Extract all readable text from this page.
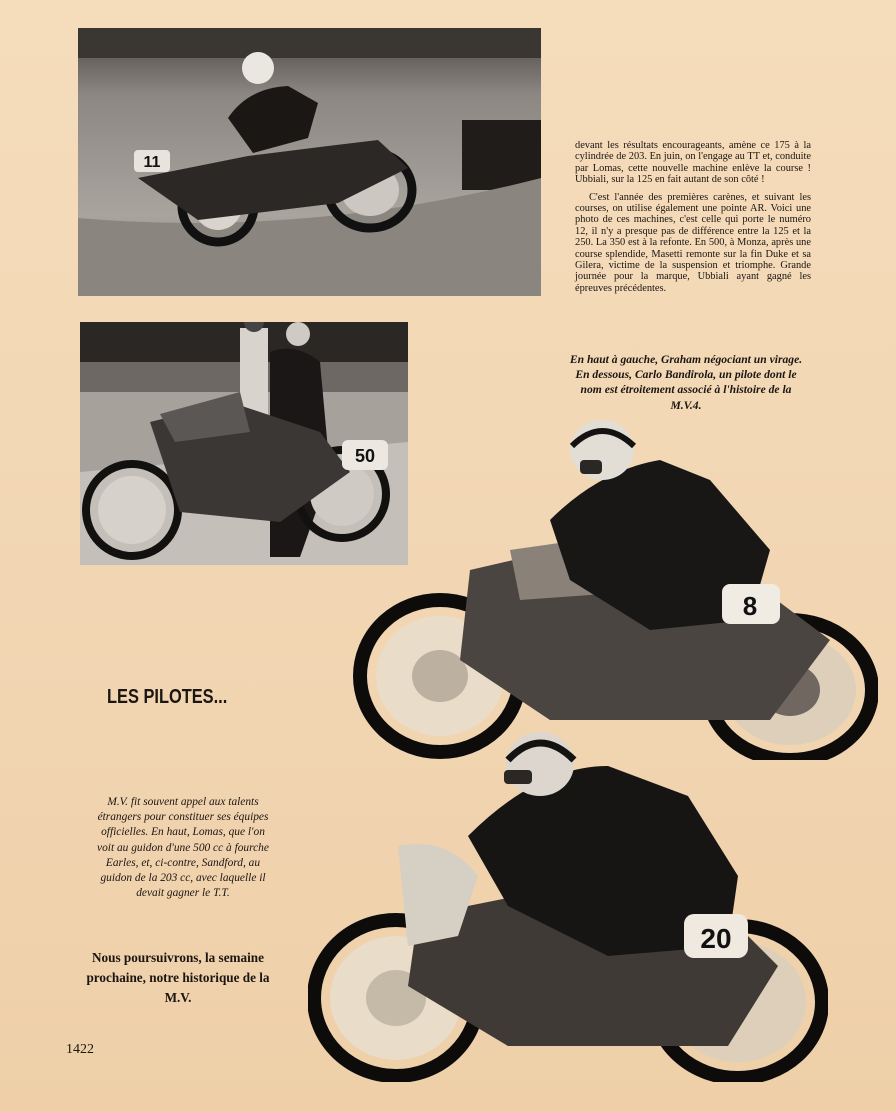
11
50

devant les résultats encourageants, amène ce 175 à la cylindrée de 203. En juin, on l'engage au TT et, conduite par Lomas, cette nouvelle machine enlève la course ! Ubbiali, sur la 125 en fait autant de son côté !

C'est l'année des premières carènes, et suivant les courses, on utilise également une pointe AR. Voici une photo de ces machines, c'est celle qui porte le numéro 12, il n'y a presque pas de différence entre la 125 et la 250. La 350 est à la refonte. En 500, à Monza, après une course splendide, Masetti remonte sur la fin Duke et sa Gilera, victime de la suspension et triomphe. Grande journée pour la marque, Ubbiali ayant gagné les épreuves précédentes.

En haut à gauche, Graham négociant un virage. En dessous, Carlo Bandirola, un pilote dont le nom est étroitement associé à l'histoire de la M.V.4.
8
LES PILOTES...
M.V. fit souvent appel aux talents étrangers pour constituer ses équipes officielles. En haut, Lomas, que l'on voit au guidon d'une 500 cc à fourche Earles, et, ci-contre, Sandford, au guidon de la 203 cc, avec laquelle il devait gagner le T.T.
20
Nous poursuivrons, la semaine prochaine, notre historique de la M.V.
1422
